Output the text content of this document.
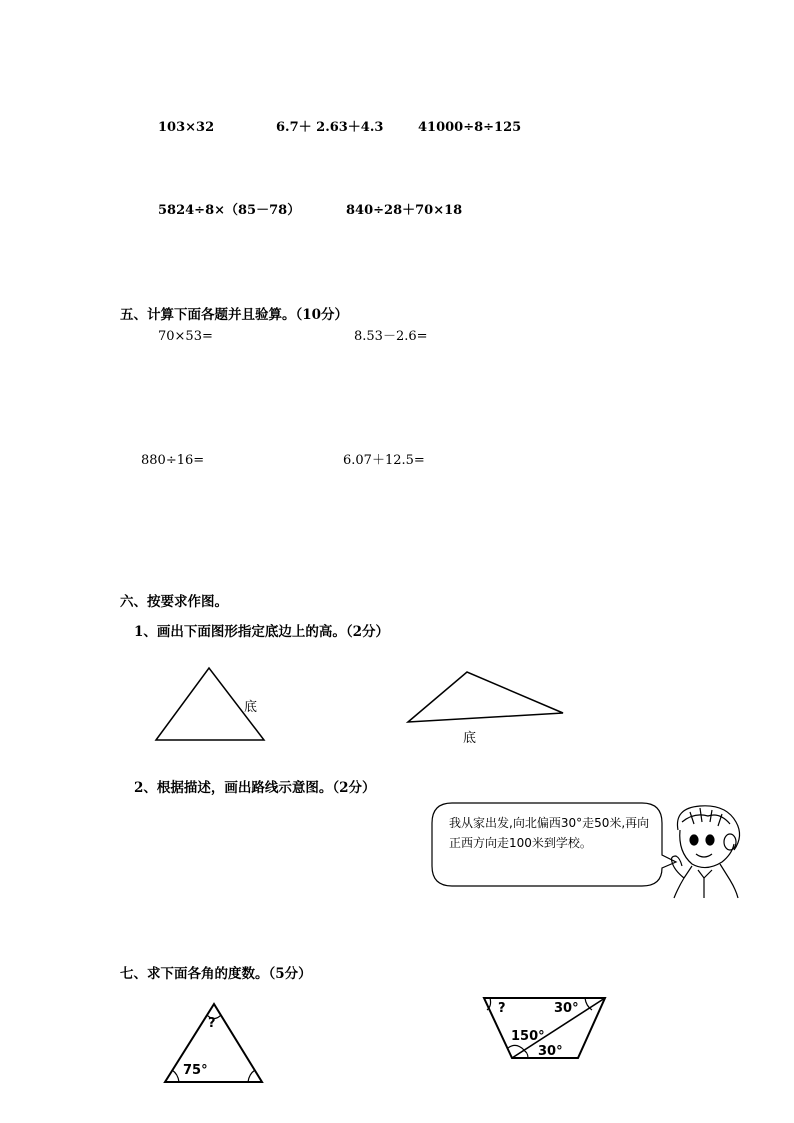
103×32	6.7＋ 2.63＋4.3	41000÷8÷125
5824÷8×（85－78）	840÷28＋70×18
五、计算下面各题并且验算。（10分）
70×53=	8.53－2.6=
880÷16=	6.07＋12.5=
六、按要求作图。
1、画出下面图形指定底边上的高。（2分）
底
底
2、根据描述，画出路线示意图。（2分）
我从家出发,向北偏西30°走50米,再向正西方向走100米到学校。
七、求下面各角的度数。（5分）
?
75°
?	30°
150°
30°
